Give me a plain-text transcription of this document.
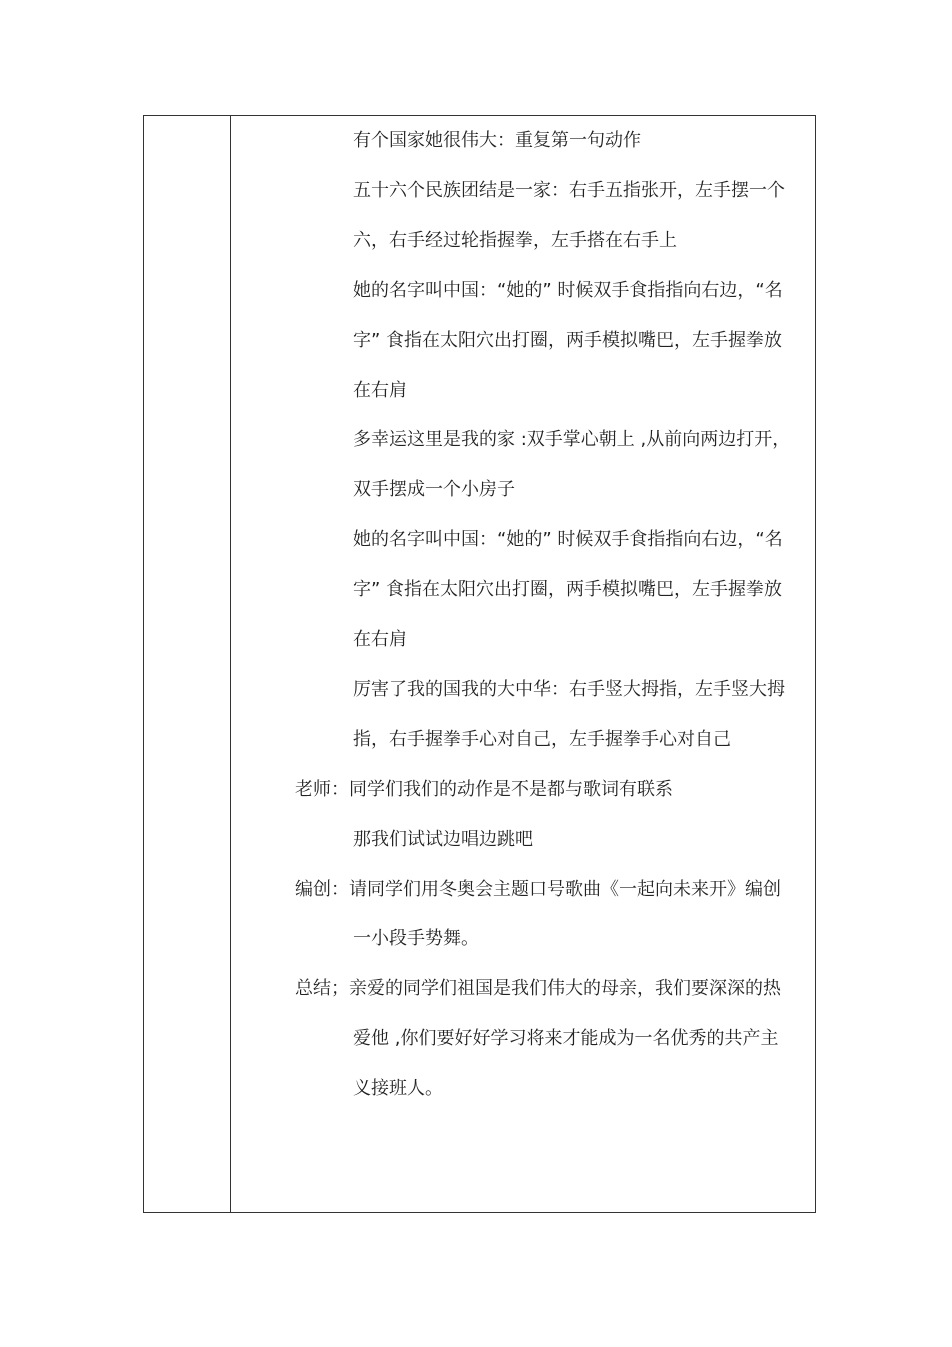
有个国家她很伟大：重复第一句动作
五十六个民族团结是一家：右手五指张开，左手摆一个
六，右手经过轮指握拳，左手搭在右手上
她的名字叫中国：“她的” 时候双手食指指向右边，“名
字” 食指在太阳穴出打圈，两手模拟嘴巴，左手握拳放
在右肩
多幸运这里是我的家 :双手掌心朝上 ,从前向两边打开，
双手摆成一个小房子
她的名字叫中国：“她的” 时候双手食指指向右边，“名
字” 食指在太阳穴出打圈，两手模拟嘴巴，左手握拳放
在右肩
厉害了我的国我的大中华：右手竖大拇指，左手竖大拇
指，右手握拳手心对自己，左手握拳手心对自己
老师：同学们我们的动作是不是都与歌词有联系
那我们试试边唱边跳吧
编创：请同学们用冬奥会主题口号歌曲《一起向未来开》编创
一小段手势舞。
总结；亲爱的同学们祖国是我们伟大的母亲，我们要深深的热
爱他 ,你们要好好学习将来才能成为一名优秀的共产主
义接班人。
